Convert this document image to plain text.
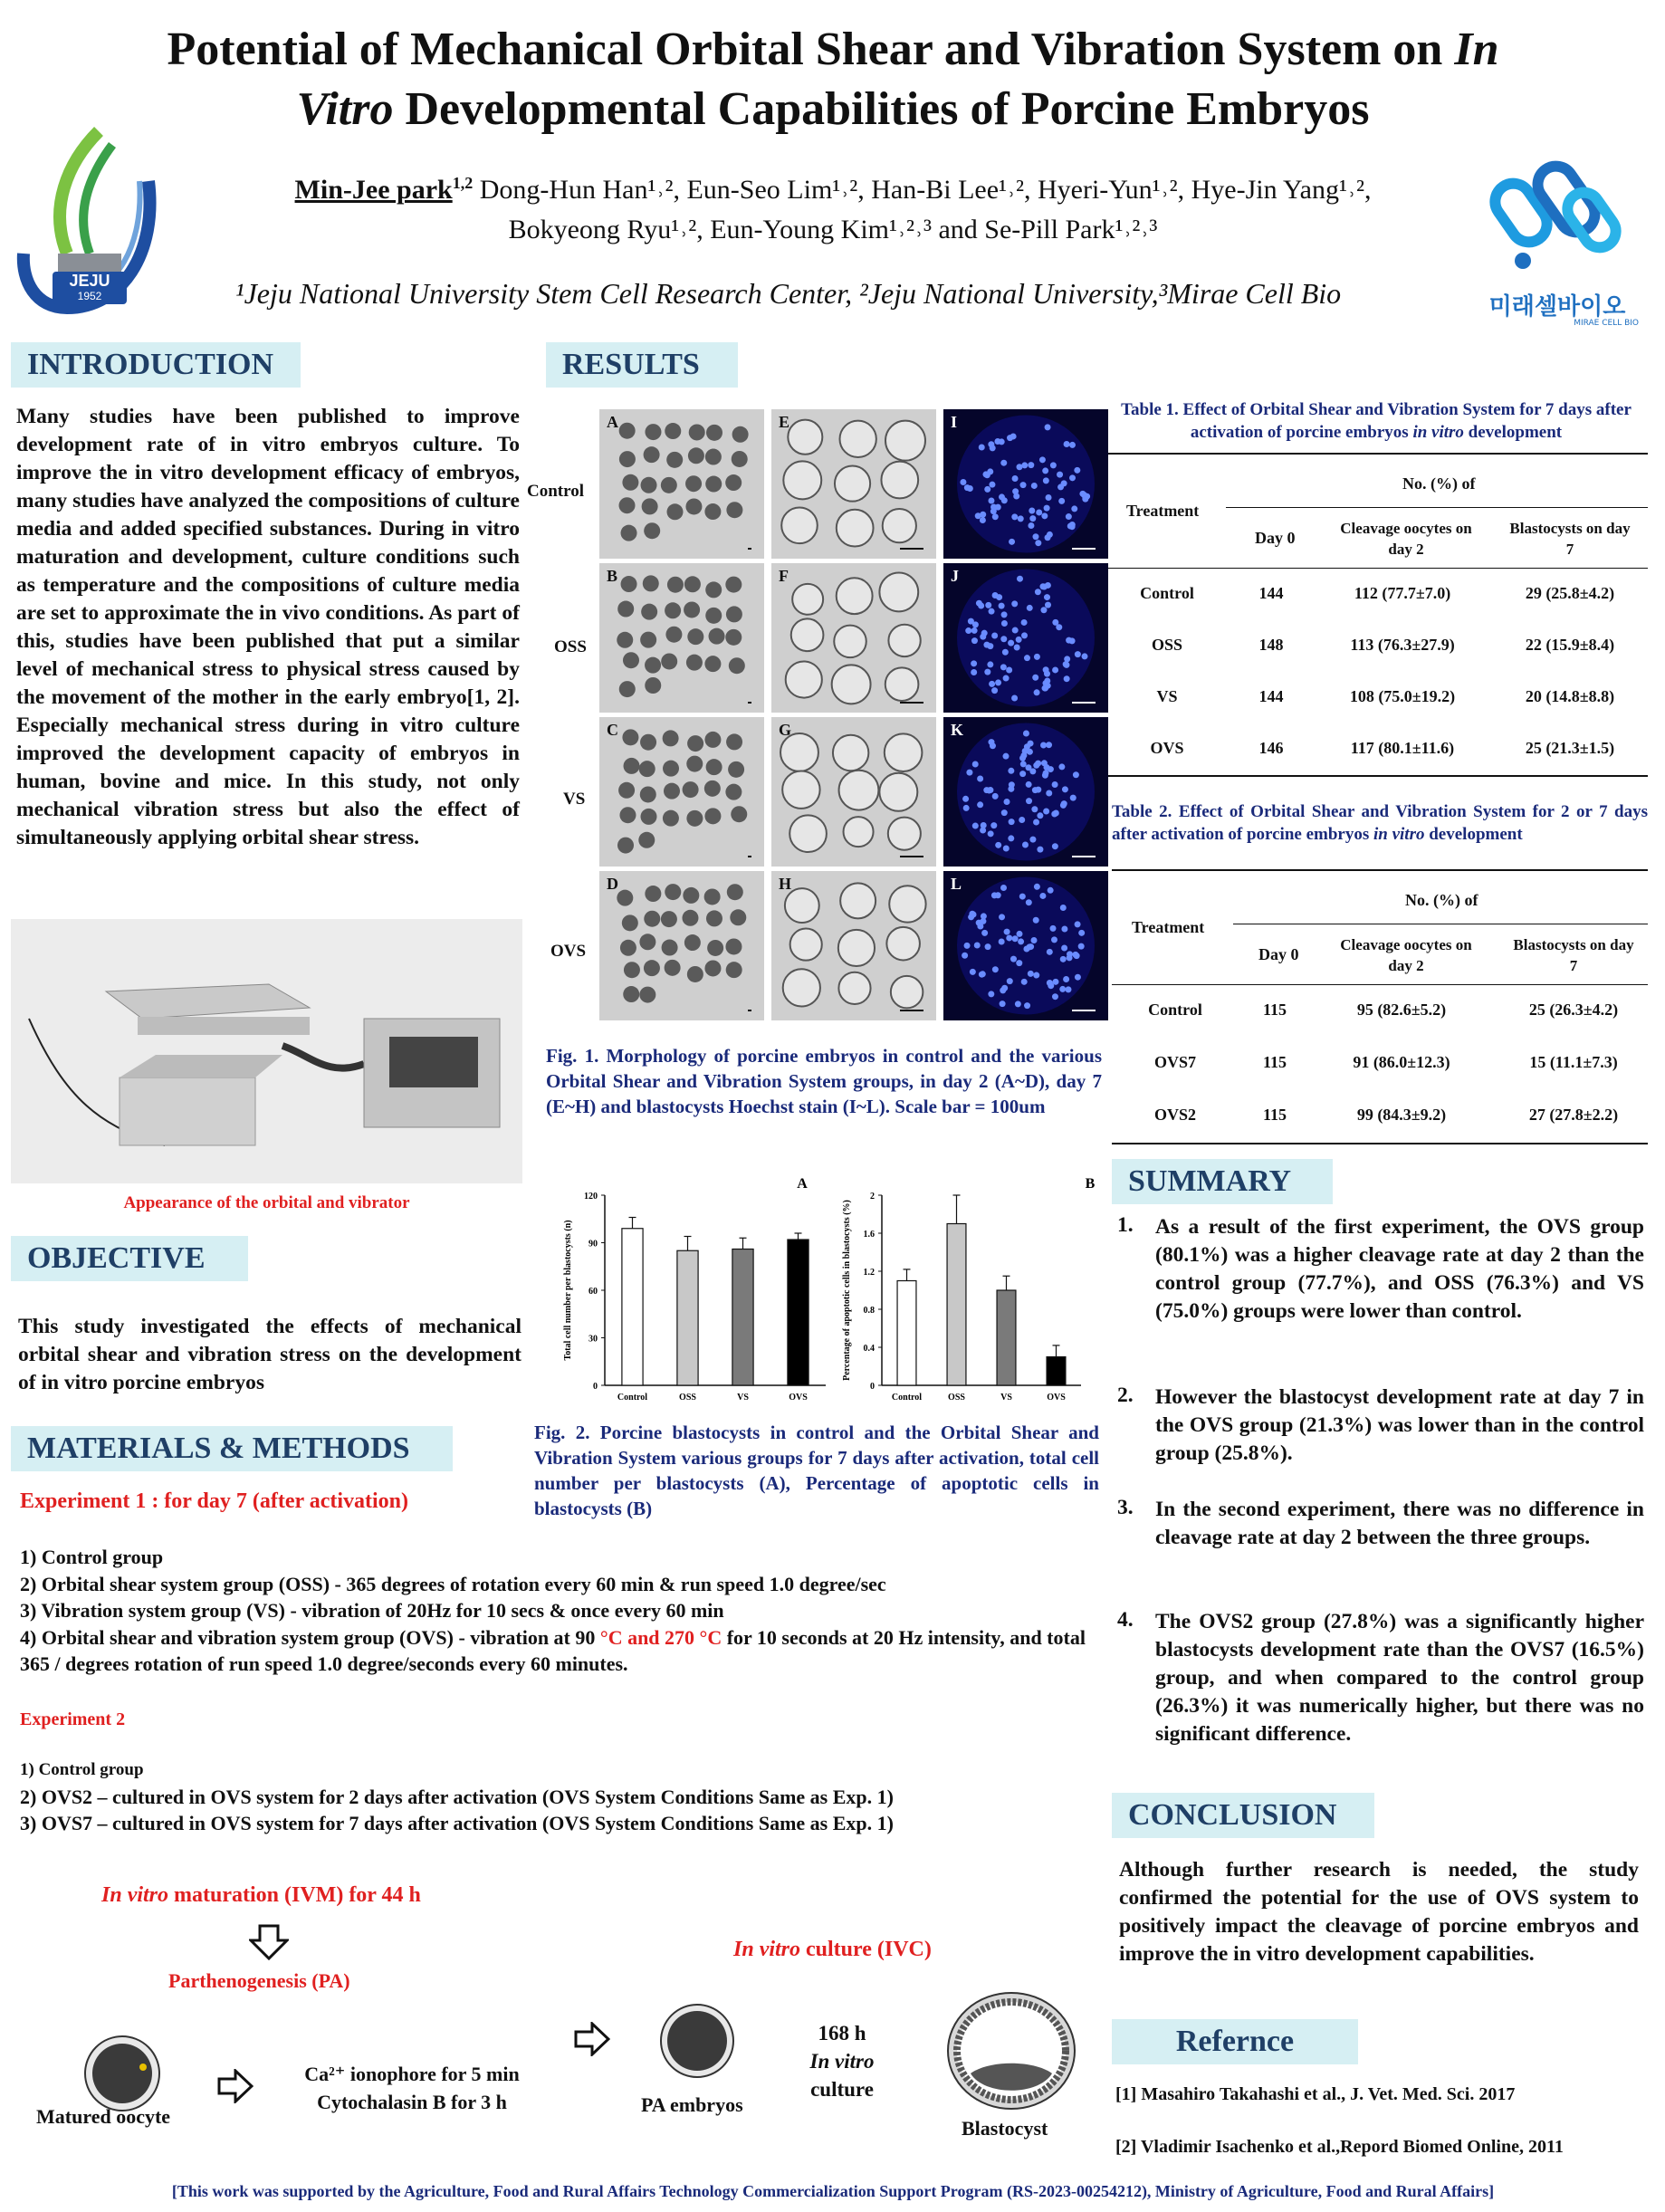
Potential of Mechanical Orbital Shear and Vibration System on In
Vitro Developmental Capabilities of Porcine Embryos
JEJU
1952
Min-Jee park$^{1,2}$ Dong-Hun Han¹˒², Eun-Seo Lim¹˒², Han-Bi Lee¹˒², Hyeri-Yun¹˒², Hye-Jin Yang¹˒²,
Bokyeong Ryu¹˒², Eun-Young Kim¹˒²˒³ and Se-Pill Park¹˒²˒³
¹Jeju National University Stem Cell Research Center, ²Jeju National University,³Mirae Cell Bio	미래셀바이오
MIRAE CELL BIO
INTRODUCTION
Many studies have been published to improve development rate of in vitro embryos culture. To improve the in vitro development efficacy of embryos, many studies have analyzed the compositions of culture media and added specified substances. During in vitro maturation and development, culture conditions such as temperature and the compositions of culture media are set to approximate the in vivo conditions. As part of this, studies have been published that put a similar level of mechanical stress to physical stress caused by the movement of the mother in the early embryo[1, 2]. Especially mechanical stress during in vitro culture improved the development capacity of embryos in human, bovine and mice. In this study, not only mechanical vibration stress but also the effect of simultaneously applying orbital shear stress.
Appearance of the orbital and vibrator
OBJECTIVE
This study investigated the effects of mechanical orbital shear and vibration stress on the development of in vitro porcine embryos
MATERIALS & METHODS
Experiment 1 : for day 7 (after activation)
1) Control group
2) Orbital shear system group (OSS) - 365 degrees of rotation every 60 min & run speed 1.0 degree/sec
3) Vibration system group (VS) - vibration of 20Hz for 10 secs & once every 60 min
4) Orbital shear and vibration system group (OVS) - vibration at 90 °C and 270 °C for 10 seconds at 20 Hz intensity, and total 365 / degrees rotation of run speed 1.0 degree/seconds every 60 minutes.
Experiment 2
1) Control group
2) OVS2 – cultured in OVS system for 2 days after activation (OVS System Conditions Same as Exp. 1)
3) OVS7 – cultured in OVS system for 7 days after activation (OVS System Conditions Same as Exp. 1)
In vitro maturation (IVM) for 44 h
Parthenogenesis (PA)
In vitro culture (IVC)
Matured oocyte
Ca²⁺ ionophore for 5 min
Cytochalasin B for 3 h	PA embryos
168 h
In vitro
culture
Blastocyst
RESULTS
Control
OSS
VS
OVS
A	E	I
B	F	J
C	G	K
D	H	L
Fig. 1. Morphology of porcine embryos in control and the various Orbital Shear and Vibration System groups, in day 2 (A~D), day 7 (E~H) and blastocysts Hoechst stain (I~L). Scale bar = 100um
0
30
60
90
120
Total cell number per blastocysts (n)
A
Control	OSS	VS	OVS
0
0.4
0.8
1.2
1.6
2
Percentage of apoptotic cells in blastocysts (%)
B
Control	OSS	VS	OVS
Fig. 2. Porcine blastocysts in control and the Orbital Shear and Vibration System various groups for 7 days after activation, total cell number per blastocysts (A), Percentage of apoptotic cells in blastocysts (B)
Table 1. Effect of Orbital Shear and Vibration System for 7 days after activation of porcine embryos in vitro development
Treatment
No. (%) of
Day 0
Cleavage oocytes on day 2
Blastocysts on day 7
Control	144	112 (77.7±7.0)	29 (25.8±4.2)
OSS	148	113 (76.3±27.9)	22 (15.9±8.4)
VS	144	108 (75.0±19.2)	20 (14.8±8.8)
OVS	146	117 (80.1±11.6)	25 (21.3±1.5)
Table 2. Effect of Orbital Shear and Vibration System for 2 or 7 days after activation of porcine embryos in vitro development
Treatment
No. (%) of
Day 0
Cleavage oocytes on day 2
Blastocysts on day 7
Control	115	95 (82.6±5.2)	25 (26.3±4.2)
OVS7	115	91 (86.0±12.3)	15 (11.1±7.3)
OVS2	115	99 (84.3±9.2)	27 (27.8±2.2)
SUMMARY
1. As a result of the first experiment, the OVS group (80.1%) was a higher cleavage rate at day 2 than the control group (77.7%), and OSS (76.3%) and VS (75.0%) groups were lower than control.
2. However the blastocyst development rate at day 7 in the OVS group (21.3%) was lower than in the control group (25.8%).
3. In the second experiment, there was no difference in cleavage rate at day 2 between the three groups.
4. The OVS2 group (27.8%) was a significantly higher blastocysts development rate than the OVS7 (16.5%) group, and when compared to the control group (26.3%) it was numerically higher, but there was no significant difference.
CONCLUSION
Although further research is needed, the study confirmed the potential for the use of OVS system to positively impact the cleavage of porcine embryos and improve the in vitro development capabilities.
Refernce
[1] Masahiro Takahashi et al., J. Vet. Med. Sci. 2017
[2] Vladimir Isachenko et al.,Repord Biomed Online, 2011
[This work was supported by the Agriculture, Food and Rural Affairs Technology Commercialization Support Program (RS-2023-00254212), Ministry of Agriculture, Food and Rural Affairs]
